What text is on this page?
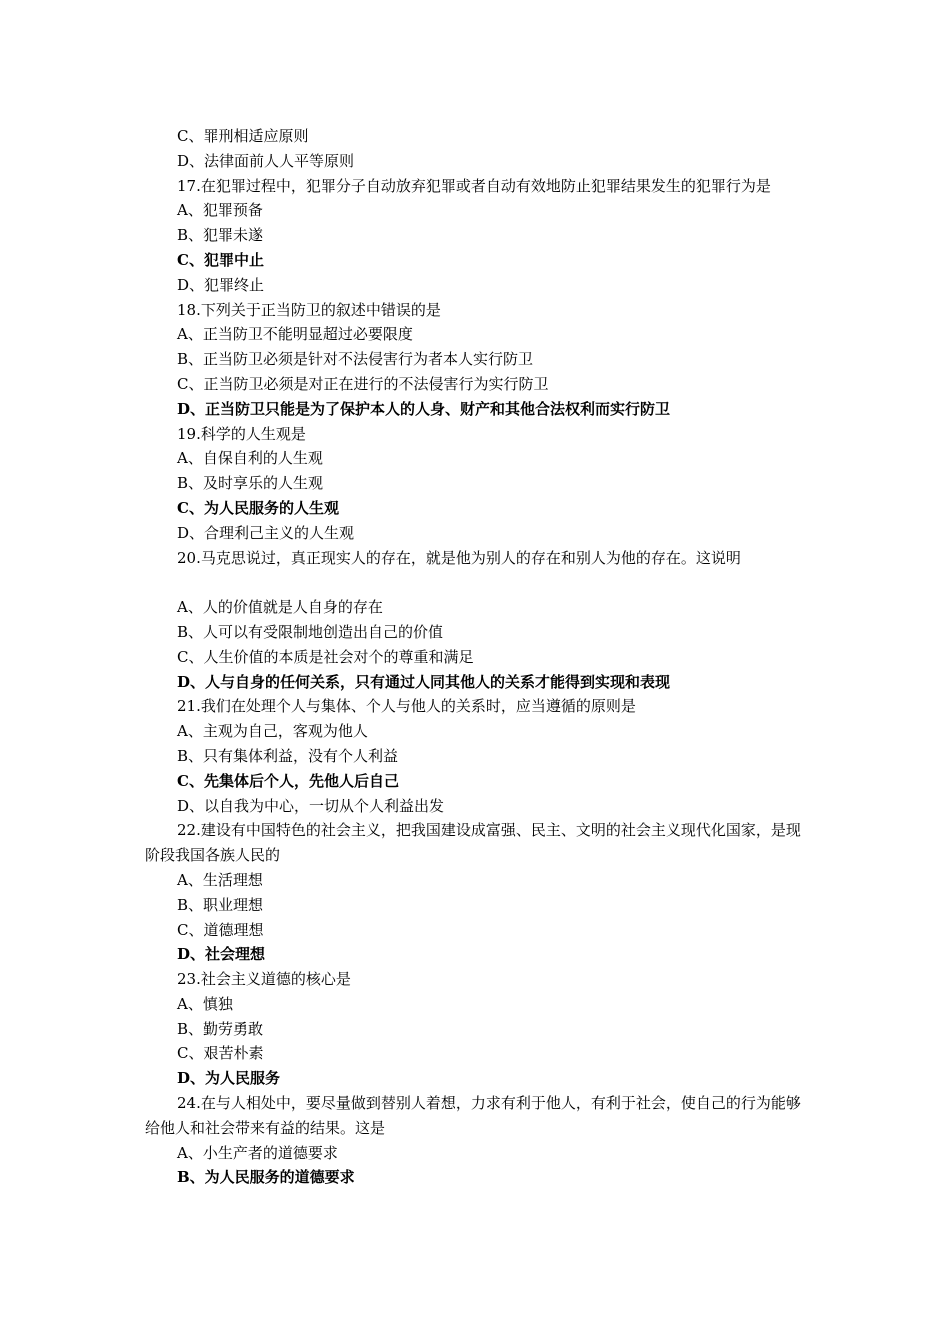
C、罪刑相适应原则
D、法律面前人人平等原则
17.在犯罪过程中，犯罪分子自动放弃犯罪或者自动有效地防止犯罪结果发生的犯罪行为是
A、犯罪预备
B、犯罪未遂
C、犯罪中止
D、犯罪终止
18.下列关于正当防卫的叙述中错误的是
A、正当防卫不能明显超过必要限度
B、正当防卫必须是针对不法侵害行为者本人实行防卫
C、正当防卫必须是对正在进行的不法侵害行为实行防卫
D、正当防卫只能是为了保护本人的人身、财产和其他合法权利而实行防卫
19.科学的人生观是
A、自保自利的人生观
B、及时享乐的人生观
C、为人民服务的人生观
D、合理利己主义的人生观
20.马克思说过，真正现实人的存在，就是他为别人的存在和别人为他的存在。这说明
A、人的价值就是人自身的存在
B、人可以有受限制地创造出自己的价值
C、人生价值的本质是社会对个的尊重和满足
D、人与自身的任何关系，只有通过人同其他人的关系才能得到实现和表现
21.我们在处理个人与集体、个人与他人的关系时，应当遵循的原则是
A、主观为自己，客观为他人
B、只有集体利益，没有个人利益
C、先集体后个人，先他人后自己
D、以自我为中心，一切从个人利益出发
22.建设有中国特色的社会主义，把我国建设成富强、民主、文明的社会主义现代化国家，是现阶段我国各族人民的
A、生活理想
B、职业理想
C、道德理想
D、社会理想
23.社会主义道德的核心是
A、慎独
B、勤劳勇敢
C、艰苦朴素
D、为人民服务
24.在与人相处中，要尽量做到替别人着想，力求有利于他人，有利于社会，使自己的行为能够给他人和社会带来有益的结果。这是
A、小生产者的道德要求
B、为人民服务的道德要求
